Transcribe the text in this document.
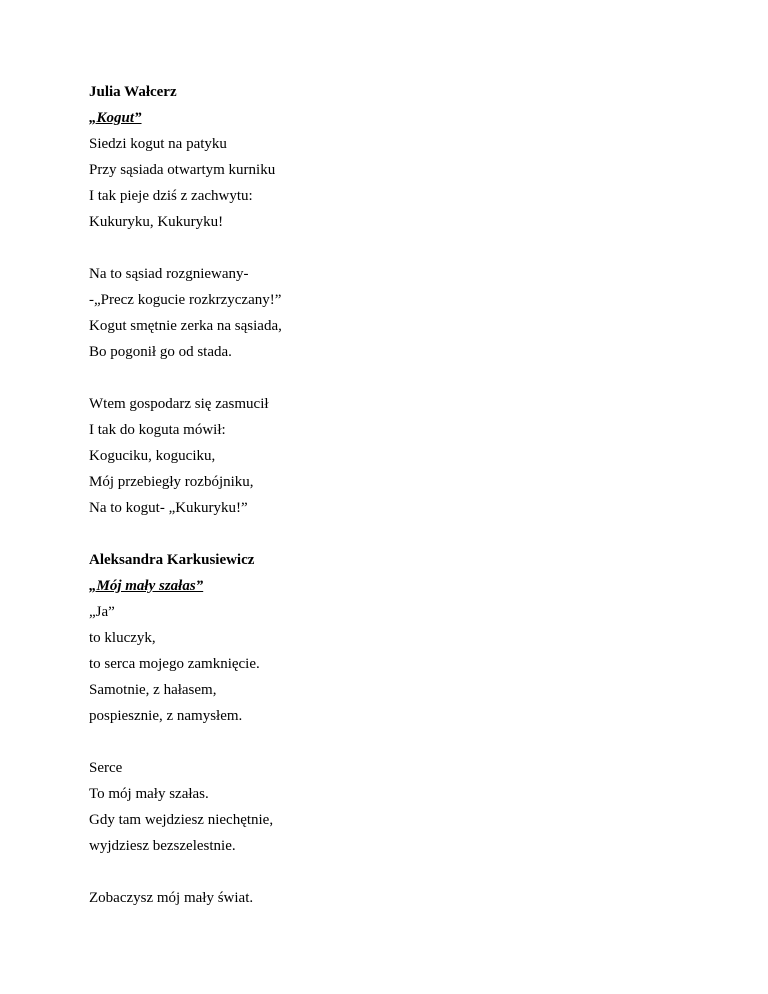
Julia Wałcerz
„Kogut”
Siedzi kogut na patyku
Przy sąsiada otwartym kurniku
I tak pieje dziś z zachwytu:
Kukuryku, Kukuryku!
Na to sąsiad rozgniewany-
-„Precz kogucie rozkrzyczany!”
Kogut smętnie zerka na sąsiada,
Bo pogonił go od stada.
Wtem gospodarz się zasmucił
I tak do koguta mówił:
Koguciku, koguciku,
Mój przebiegły rozbójniku,
Na to kogut- „Kukuryku!”
Aleksandra Karkusiewicz
„Mój mały szałas”
„Ja”
to kluczyk,
to serca mojego zamknięcie.
Samotnie, z hałasem,
pospiesznie, z namysłem.
Serce
To mój mały szałas.
Gdy tam wejdziesz niechętnie,
wyjdziesz bezszelestnie.
Zobaczysz mój mały świat.
